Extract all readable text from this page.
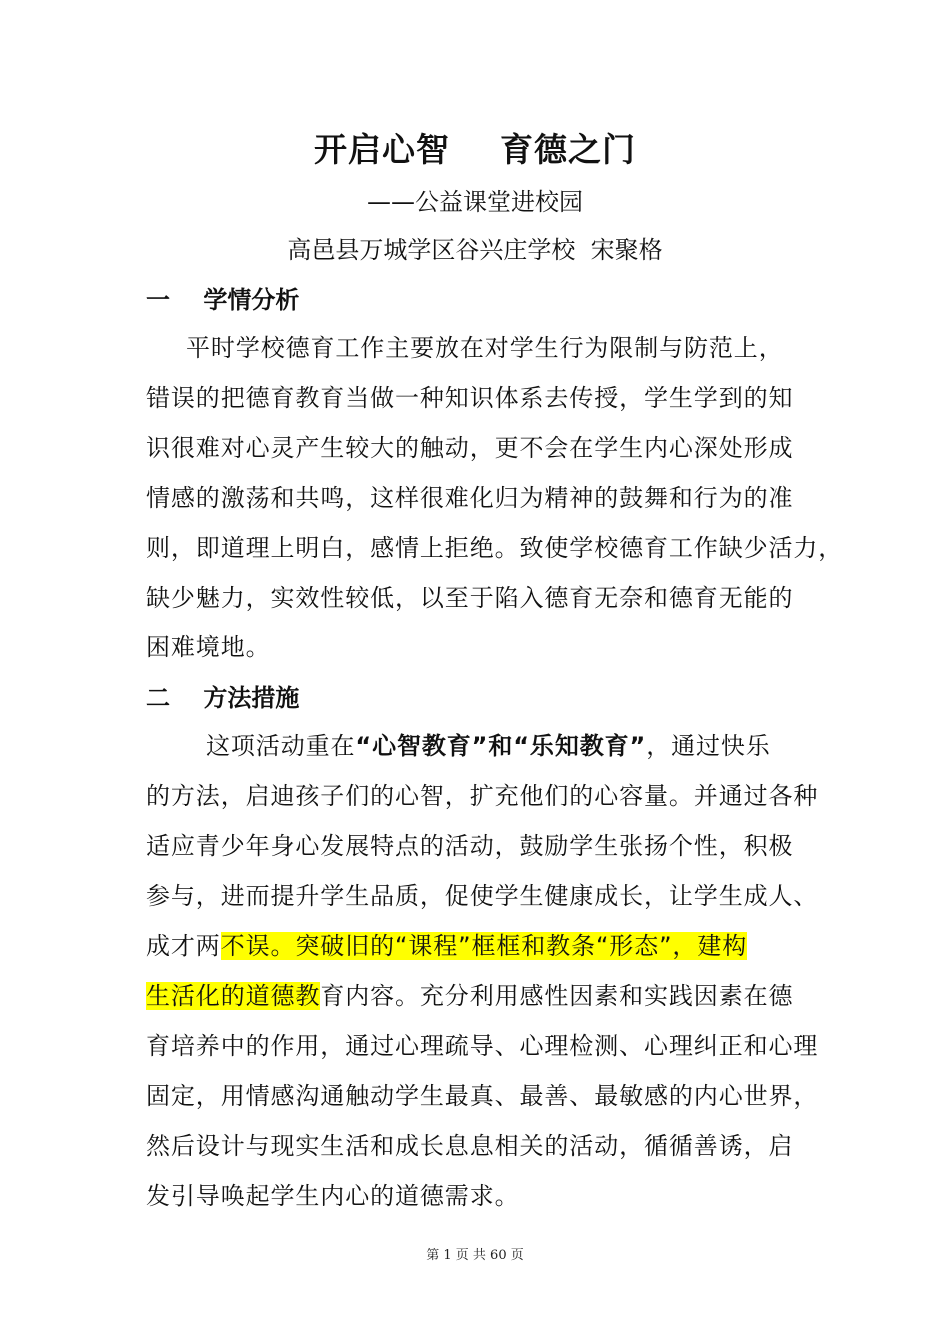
开启心智    育德之门
——公益课堂进校园
高邑县万城学区谷兴庄学校  宋聚格
一    学情分析
平时学校德育工作主要放在对学生行为限制与防范上，
错误的把德育教育当做一种知识体系去传授，学生学到的知
识很难对心灵产生较大的触动，更不会在学生内心深处形成
情感的激荡和共鸣，这样很难化归为精神的鼓舞和行为的准
则，即道理上明白，感情上拒绝。致使学校德育工作缺少活力，
缺少魅力，实效性较低，以至于陷入德育无奈和德育无能的
困难境地。
二    方法措施
这项活动重在“心智教育”和“乐知教育”，通过快乐
的方法，启迪孩子们的心智，扩充他们的心容量。并通过各种
适应青少年身心发展特点的活动，鼓励学生张扬个性，积极
参与，进而提升学生品质，促使学生健康成长，让学生成人、
成才两不误。突破旧的“课程”框框和教条“形态”，建构
生活化的道德教育内容。充分利用感性因素和实践因素在德
育培养中的作用，通过心理疏导、心理检测、心理纠正和心理
固定，用情感沟通触动学生最真、最善、最敏感的内心世界，
然后设计与现实生活和成长息息相关的活动，循循善诱，启
发引导唤起学生内心的道德需求。
第 1 页 共 60 页
